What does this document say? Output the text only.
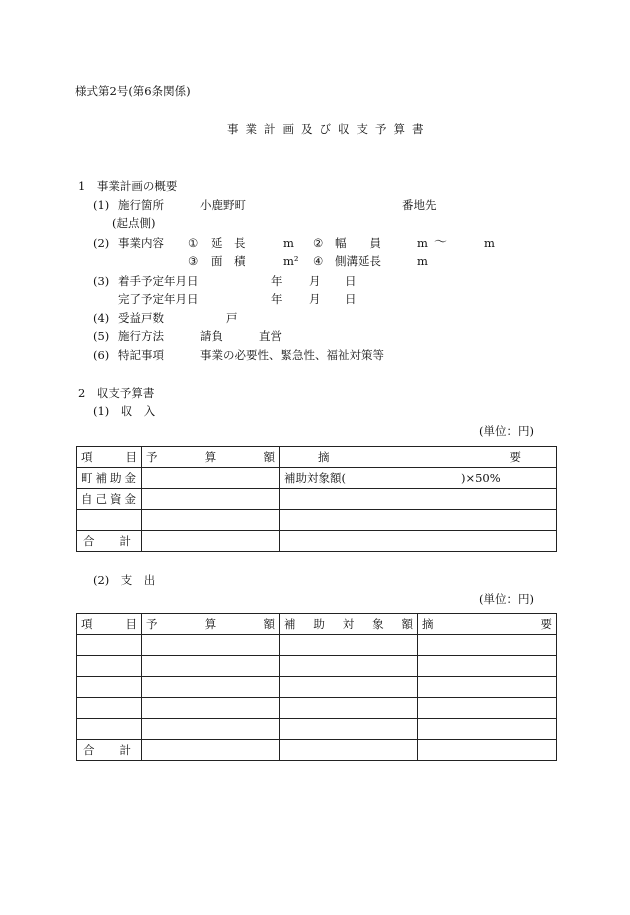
様式第2号(第6条関係)
事業計画及び収支予算書
1　事業計画の概要
(1) 施行箇所	小鹿野町	番地先
(起点側)
(2) 事業内容 ① 延　長	m ② 幅　　員	m 〜	m
③ 面　積	m² ④ 側溝延長	m
(3) 着手予定年月日	年 月 日
完了予定年月日	年 月 日
(4) 受益戸数	戸
(5) 施行方法	請負	直営
(6) 特記事項	事業の必要性、緊急性、福祉対策等
2　収支予算書
(1)　収　入
(単位：円)
項 目	予 算 額	摘 要

町補助金		補助対象額(　　　　　　　　　　)×50%

自己資金		

合 計		

(2)　支　出
(単位：円)
項 目	予 算 額	補 助 対 象 額	摘 要

合 計			
